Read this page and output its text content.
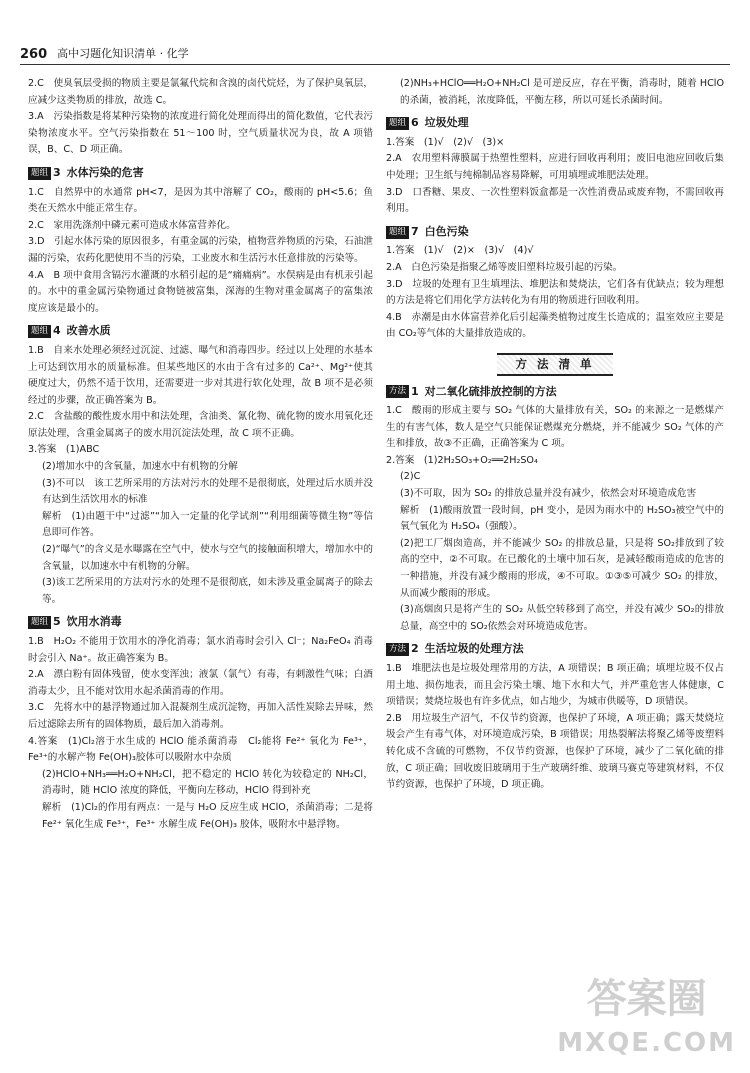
260 高中习题化知识清单 · 化学

2.C　使臭氧层受损的物质主要是氯氟代烷和含溴的卤代烷烃，为了保护臭氧层，应减少这类物质的排放，故选 C。

3.A　污染指数是将某种污染物的浓度进行简化处理而得出的简化数值，它代表污染物浓度水平。空气污染指数在 51～100 时，空气质量状况为良，故 A 项错误，B、C、D 项正确。

题组 3 水体污染的危害

1.C　自然界中的水通常 pH<7，是因为其中溶解了 CO₂，酸雨的 pH<5.6；鱼类在天然水中能正常生存。

2.C　家用洗涤剂中磷元素可造成水体富营养化。

3.D　引起水体污染的原因很多，有重金属的污染，植物营养物质的污染，石油泄漏的污染，农药化肥使用不当的污染，工业废水和生活污水任意排放的污染等。

4.A　B 项中食用含镉污水灌溉的水稻引起的是“痛痛病”。水俣病是由有机汞引起的。水中的重金属污染物通过食物链被富集，深海的生物对重金属离子的富集浓度应该是最小的。

题组 4 改善水质

1.B　自来水处理必须经过沉淀、过滤、曝气和消毒四步。经过以上处理的水基本上可达到饮用水的质量标准。但某些地区的水由于含有过多的 Ca²⁺、Mg²⁺使其硬度过大，仍然不适于饮用，还需要进一步对其进行软化处理，故 B 项不是必须经过的步骤，故正确答案为 B。

2.C　含盐酸的酸性废水用中和法处理，含油类、氰化物、硫化物的废水用氧化还原法处理，含重金属离子的废水用沉淀法处理，故 C 项不正确。

3.答案　(1)ABC

(2)增加水中的含氧量，加速水中有机物的分解

(3)不可以　该工艺所采用的方法对污水的处理不是很彻底，处理过后水质并没有达到生活饮用水的标准

解析　(1)由题干中“过滤”“加入一定量的化学试剂”“利用细菌等微生物”等信息即可作答。

(2)“曝气”的含义是水曝露在空气中，使水与空气的接触面积增大，增加水中的含氧量，以加速水中有机物的分解。

(3)该工艺所采用的方法对污水的处理不是很彻底，如未涉及重金属离子的除去等。

题组 5 饮用水消毒

1.B　H₂O₂ 不能用于饮用水的净化消毒；氯水消毒时会引入 Cl⁻；Na₂FeO₄ 消毒时会引入 Na⁺。故正确答案为 B。

2.A　漂白粉有固体残留，使水变浑浊；液氯（氯气）有毒，有刺激性气味；白酒消毒太少，且不能对饮用水起杀菌消毒的作用。

3.C　先将水中的悬浮物通过加入混凝剂生成沉淀物，再加入活性炭除去异味，然后过滤除去所有的固体物质，最后加入消毒剂。

4.答案　(1)Cl₂溶于水生成的 HClO 能杀菌消毒　Cl₂能将 Fe²⁺ 氧化为 Fe³⁺，Fe³⁺的水解产物 Fe(OH)₃胶体可以吸附水中杂质

(2)HClO+NH₃══H₂O+NH₂Cl，把不稳定的 HClO 转化为较稳定的 NH₂Cl，消毒时，随 HClO 浓度的降低，平衡向左移动，HClO 得到补充

解析　(1)Cl₂的作用有两点：一是与 H₂O 反应生成 HClO，杀菌消毒；二是将 Fe²⁺ 氧化生成 Fe³⁺，Fe³⁺ 水解生成 Fe(OH)₃ 胶体，吸附水中悬浮物。

(2)NH₃+HClO══H₂O+NH₂Cl 是可逆反应，存在平衡，消毒时，随着 HClO 的杀菌，被消耗，浓度降低，平衡左移，所以可延长杀菌时间。

题组 6 垃圾处理

1.答案　(1)√　(2)√　(3)×

2.A　农用塑料薄膜属于热塑性塑料，应进行回收再利用；废旧电池应回收后集中处理；卫生纸与纯棉制品容易降解，可用填埋或堆肥法处理。

3.D　口香糖、果皮、一次性塑料饭盒都是一次性消费品或废弃物，不需回收再利用。

题组 7 白色污染

1.答案　(1)√　(2)×　(3)√　(4)√

2.A　白色污染是指聚乙烯等废旧塑料垃圾引起的污染。

3.D　垃圾的处理有卫生填埋法、堆肥法和焚烧法，它们各有优缺点；较为理想的方法是将它们用化学方法转化为有用的物质进行回收利用。

4.B　赤潮是由水体富营养化后引起藻类植物过度生长造成的；温室效应主要是由 CO₂等气体的大量排放造成的。

方 法 清 单
方法 1 对二氧化硫排放控制的方法

1.C　酸雨的形成主要与 SO₂ 气体的大量排放有关，SO₂ 的来源之一是燃煤产生的有害气体，数人是空气只能保证燃煤充分燃烧，并不能减少 SO₂ 气体的产生和排放，故③不正确，正确答案为 C 项。

2.答案　(1)2H₂SO₃+O₂══2H₂SO₄

(2)C

(3)不可取，因为 SO₂ 的排放总量并没有减少，依然会对环境造成危害

解析　(1)酸雨放置一段时间，pH 变小，是因为雨水中的 H₂SO₃被空气中的氧气氧化为 H₂SO₄（强酸）。

(2)把工厂烟囱造高，并不能减少 SO₂ 的排放总量，只是将 SO₂排放到了较高的空中，②不可取。在已酸化的土壤中加石灰，是减轻酸雨造成的危害的一种措施，并没有减少酸雨的形成，④不可取。①③⑤可减少 SO₂ 的排放，从而减少酸雨的形成。

(3)高烟囱只是将产生的 SO₂ 从低空转移到了高空，并没有减少 SO₂的排放总量，高空中的 SO₂依然会对环境造成危害。

方法 2 生活垃圾的处理方法

1.B　堆肥法也是垃圾处理常用的方法，A 项错误；B 项正确；填埋垃圾不仅占用土地、损伤地表，而且会污染土壤、地下水和大气，并严重危害人体健康，C 项错误；焚烧垃圾也有许多优点，如占地少，为城市供暖等，D 项错误。

2.B　用垃圾生产沼气，不仅节约资源，也保护了环境，A 项正确；露天焚烧垃圾会产生有毒气体，对环境造成污染，B 项错误；用热裂解法将聚乙烯等废塑料转化成不含硫的可燃物，不仅节约资源，也保护了环境，减少了二氧化硫的排放，C 项正确；回收废旧玻璃用于生产玻璃纤维、玻璃马赛克等建筑材料，不仅节约资源，也保护了环境，D 项正确。

答案圈
MXQE.COM
